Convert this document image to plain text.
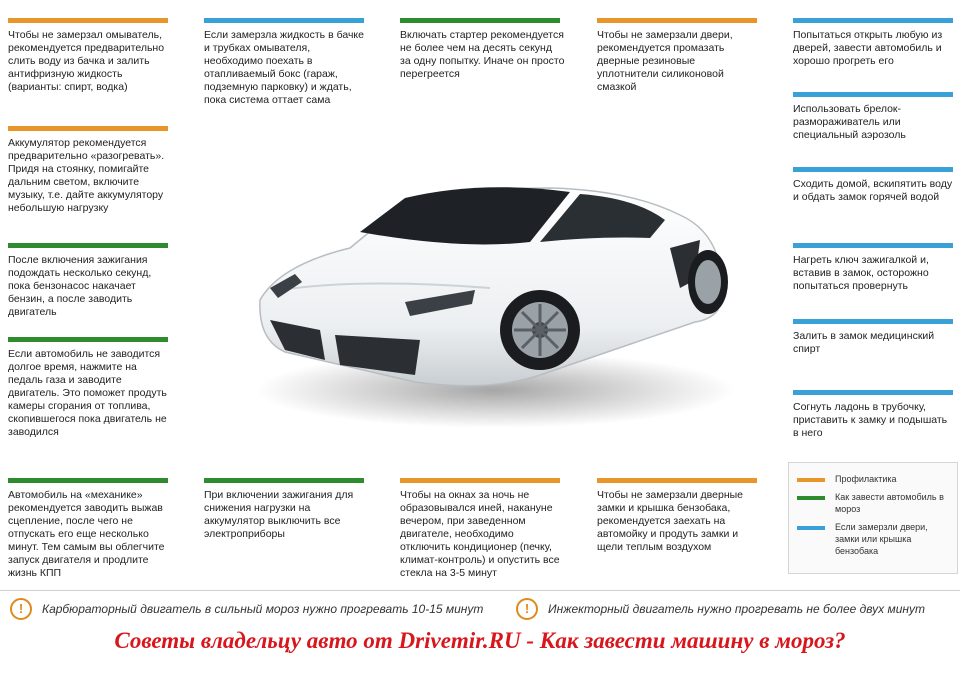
Чтобы не замерзал омыватель, рекомендуется предварительно слить воду из бачка и залить антифризную жидкость (варианты: спирт, водка)
Аккумулятор рекомендуется предварительно «разогревать». Придя на стоянку, помигайте дальним светом, включите музыку, т.е. дайте аккумулятору небольшую нагрузку
После включения зажигания подождать несколько секунд, пока бензонасос накачает бензин, а после заводить двигатель
Если автомобиль не заводится долгое время, нажмите на педаль газа и заводите двигатель. Это поможет продуть камеры сгорания от топлива, скопившегося пока двигатель не заводился
Если замерзла жидкость в бачке и трубках омывателя, необходимо поехать в отапливаемый бокс (гараж, подземную парковку) и ждать, пока система оттает сама
Включать стартер рекомендуется не более чем на десять секунд за одну попытку. Иначе он просто перегреется
Чтобы не замерзали двери, рекомендуется промазать дверные резиновые уплотнители силиконовой смазкой
Попытаться открыть любую из дверей, завести автомобиль и хорошо прогреть его
Использовать брелок-размораживатель или специальный аэрозоль
Сходить домой, вскипятить воду и обдать замок горячей водой
Нагреть ключ зажигалкой и, вставив в замок, осторожно попытаться провернуть
Залить в замок медицинский спирт
Согнуть ладонь в трубочку, приставить к замку и подышать в него
Автомобиль на «механике» рекомендуется заводить выжав сцепление, после чего не отпускать его еще несколько минут. Тем самым вы облегчите запуск двигателя и продлите жизнь КПП
При включении зажигания для снижения нагрузки на аккумулятор выключить все электроприборы
Чтобы на окнах за ночь не образовывался иней, накануне вечером, при заведенном двигателе, необходимо отключить кондиционер (печку, климат-контроль) и опустить все стекла на 3-5 минут
Чтобы не замерзали дверные замки и крышка бензобака, рекомендуется заехать на автомойку и продуть замки и щели теплым воздухом
Профилактика
Как завести автомобиль в мороз
Если замерзли двери, замки или крышка бензобака
!	Карбюраторный двигатель в сильный мороз нужно прогревать 10-15 минут	!	Инжекторный двигатель нужно прогревать не более двух минут
Советы владельцу авто от Drivemir.RU - Как завести машину в мороз?
